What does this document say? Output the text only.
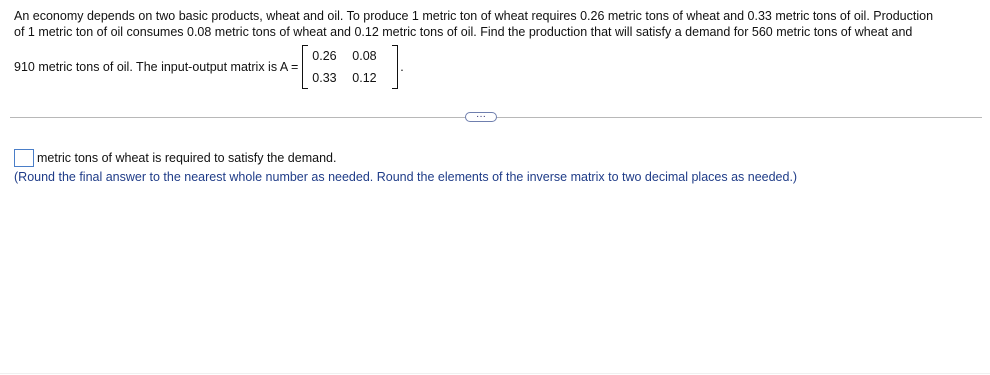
An economy depends on two basic products, wheat and oil. To produce 1 metric ton of wheat requires 0.26 metric tons of wheat and 0.33 metric tons of oil. Production
of 1 metric ton of oil consumes 0.08 metric tons of wheat and 0.12 metric tons of oil. Find the production that will satisfy a demand for 560 metric tons of wheat and
910 metric tons of oil. The input-output matrix is A =
0.26	0.08
0.33	0.12
.
···
metric tons of wheat is required to satisfy the demand.
(Round the final answer to the nearest whole number as needed. Round the elements of the inverse matrix to two decimal places as needed.)
